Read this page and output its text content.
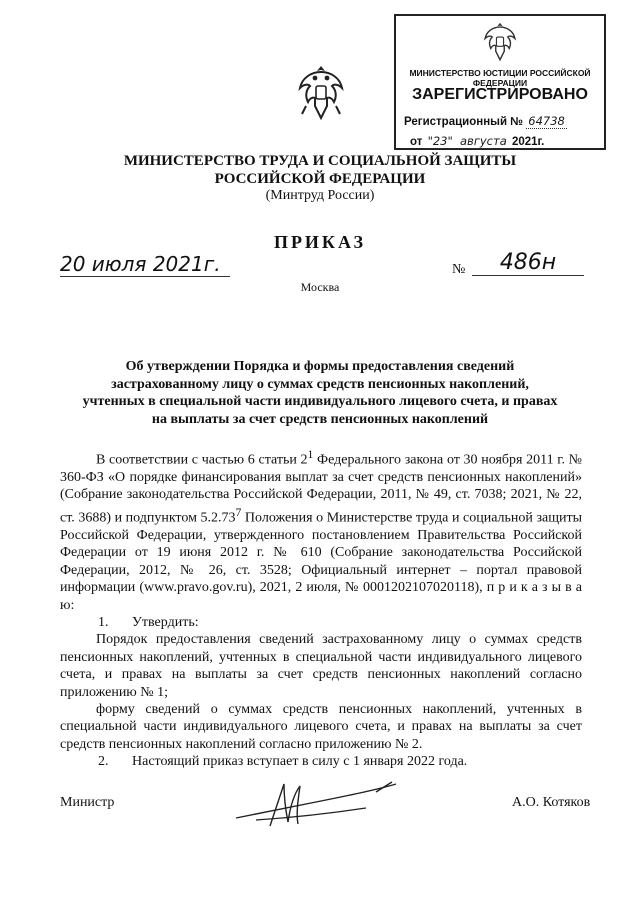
МИНИСТЕРСТВО ЮСТИЦИИ РОССИЙСКОЙ ФЕДЕРАЦИИ
ЗАРЕГИСТРИРОВАНО
Регистрационный № 64738
от "23" августа 2021г.
МИНИСТЕРСТВО ТРУДА И СОЦИАЛЬНОЙ ЗАЩИТЫ
РОССИЙСКОЙ ФЕДЕРАЦИИ
(Минтруд России)
ПРИКАЗ
20 июля 2021г.	№	486н
Москва
Об утверждении Порядка и формы предоставления сведений
застрахованному лицу о суммах средств пенсионных накоплений,
учтенных в специальной части индивидуального лицевого счета, и правах
на выплаты за счет средств пенсионных накоплений

В соответствии с частью 6 статьи $2^1$ Федерального закона от 30 ноября 2011 г. № 360-ФЗ «О порядке финансирования выплат за счет средств пенсионных накоплений» (Собрание законодательства Российской Федерации, 2011, № 49, ст. 7038; 2021, № 22, ст. 3688) и подпунктом 5.2.73$^7$ Положения о Министерстве труда и социальной защиты Российской Федерации, утвержденного постановлением Правительства Российской Федерации от 19 июня 2012 г. № 610 (Собрание законодательства Российской Федерации, 2012, № 26, ст. 3528; Официальный интернет – портал правовой информации (www.pravo.gov.ru), 2021, 2 июля, № 0001202107020118), п р и к а з ы в а ю:

1. Утвердить:

Порядок предоставления сведений застрахованному лицу о суммах средств пенсионных накоплений, учтенных в специальной части индивидуального лицевого счета, и правах на выплаты за счет средств пенсионных накоплений согласно приложению № 1;

форму сведений о суммах средств пенсионных накоплений, учтенных в специальной части индивидуального лицевого счета, и правах на выплаты за счет средств пенсионных накоплений согласно приложению № 2.

2. Настоящий приказ вступает в силу с 1 января 2022 года.

Министр	А.О. Котяков
